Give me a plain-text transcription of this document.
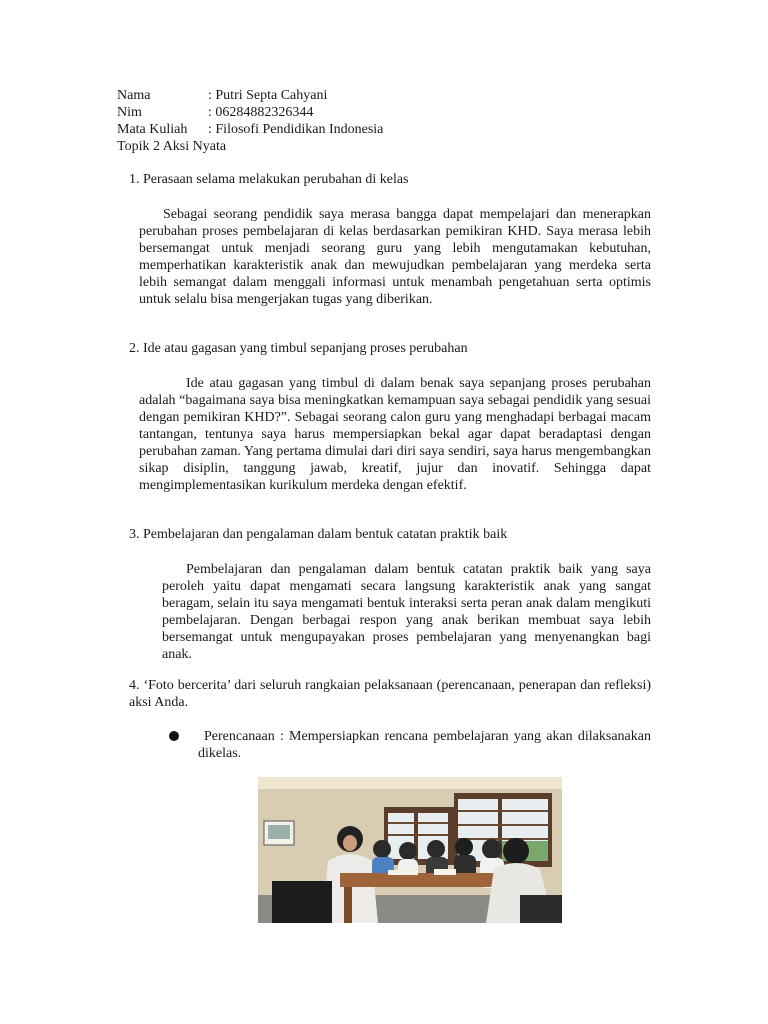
Nama	: Putri Septa Cahyani
Nim	: 06284882326344
Mata Kuliah : Filosofi Pendidikan Indonesia
Topik 2 Aksi Nyata
1. Perasaan selama melakukan perubahan di kelas
Sebagai seorang pendidik saya merasa bangga dapat mempelajari dan menerapkan perubahan proses pembelajaran di kelas berdasarkan pemikiran KHD. Saya merasa lebih bersemangat untuk menjadi seorang guru yang lebih mengutamakan kebutuhan, memperhatikan karakteristik anak dan mewujudkan pembelajaran yang merdeka serta lebih semangat dalam menggali informasi untuk menambah pengetahuan serta optimis untuk selalu bisa mengerjakan tugas yang diberikan.
2. Ide atau gagasan yang timbul sepanjang proses perubahan
Ide atau gagasan yang timbul di dalam benak saya sepanjang proses perubahan adalah “bagaimana saya bisa meningkatkan kemampuan saya sebagai pendidik yang sesuai dengan pemikiran KHD?”. Sebagai seorang calon guru yang menghadapi berbagai macam tantangan, tentunya saya harus mempersiapkan bekal agar dapat beradaptasi dengan perubahan zaman. Yang pertama dimulai dari diri saya sendiri, saya harus mengembangkan sikap disiplin, tanggung jawab, kreatif, jujur dan inovatif. Sehingga dapat mengimplementasikan kurikulum merdeka dengan efektif.
3. Pembelajaran dan pengalaman dalam bentuk catatan praktik baik
Pembelajaran dan pengalaman dalam bentuk catatan praktik baik yang saya peroleh yaitu dapat mengamati secara langsung karakteristik anak yang sangat beragam, selain itu saya mengamati bentuk interaksi serta peran anak dalam mengikuti pembelajaran. Dengan berbagai respon yang anak berikan membuat saya lebih bersemangat untuk mengupayakan proses pembelajaran yang menyenangkan bagi anak.
4. ‘Foto bercerita’ dari seluruh rangkaian pelaksanaan (perencanaan, penerapan dan refleksi) aksi Anda.
Perencanaan : Mempersiapkan rencana pembelajaran yang akan dilaksanakan dikelas.
